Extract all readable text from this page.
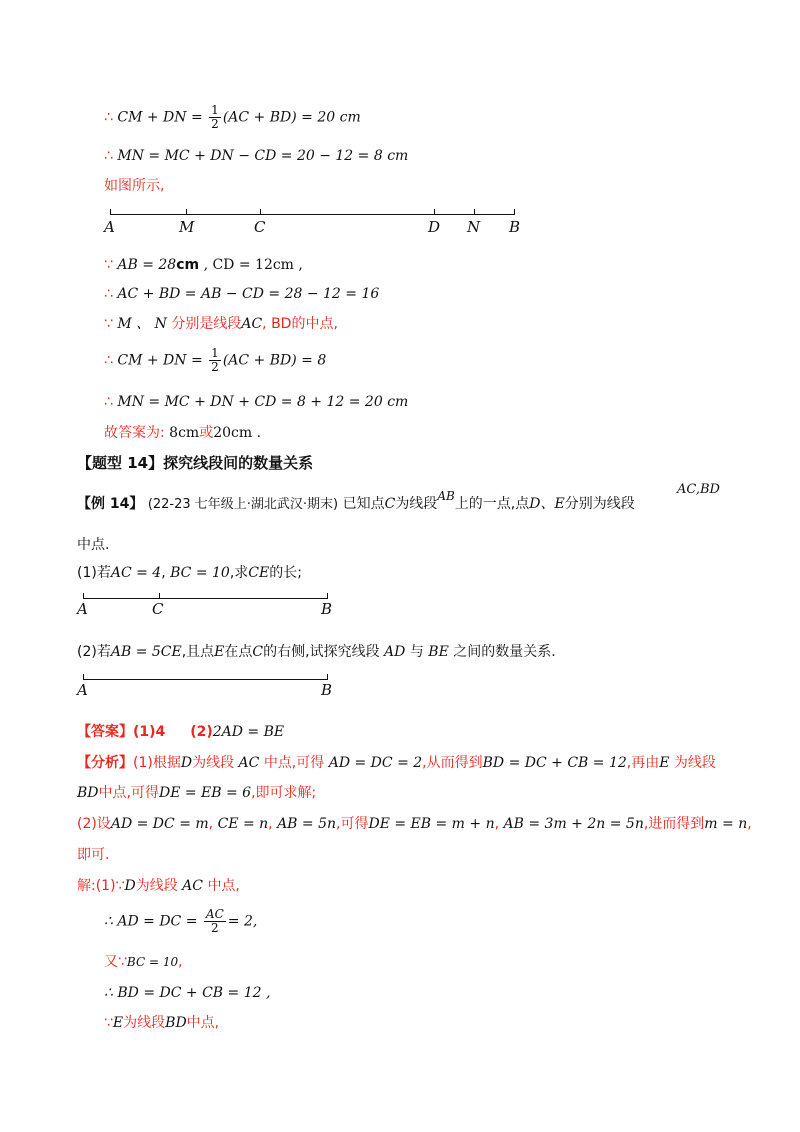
∴ CM + DN = $\frac{1}{2} (AC + BD) = 20$ cm
∴ MN = MC + DN − CD = 20 − 12 = 8 cm
如图所示,
A	M	C	D N B
∵ AB = 28cm , CD = 12cm ,
∴ AC + BD = AB − CD = 28 − 12 = 16
∵ M 、 N 分别是线段AC, BD的中点,
∴ CM + DN = $\frac{1}{2} (AC + BD) = 8$
∴ MN = MC + DN + CD = 8 + 12 = 20 cm
故答案为: 8cm或20cm .
【题型 14】探究线段间的数量关系
【例 14】 (22-23 七年级上·湖北武汉·期末) 已知点C为线段AB上的一点,点D、E分别为线段
AC,BD
中点.
(1)若AC = 4, BC = 10,求CE的长;
A	C	B
(2)若AB = 5CE,且点E在点C的右侧,试探究线段 AD 与 BE 之间的数量关系.
A	B
【答案】(1)4 (2)2AD = BE
【分析】(1)根据D为线段 AC 中点,可得 AD = DC = 2,从而得到BD = DC + CB = 12,再由E 为线段
BD中点,可得DE = EB = 6,即可求解;
(2)设AD = DC = m, CE = n, AB = 5n,可得DE = EB = m + n, AB = 3m + 2n = 5n,进而得到m = n,
即可.
解:(1)∵D为线段 AC 中点,
∴ AD = DC = $\frac{AC}{2} = 2$,
又∵BC = 10,
∴ BD = DC + CB = 12 ,
∵E为线段BD中点,
